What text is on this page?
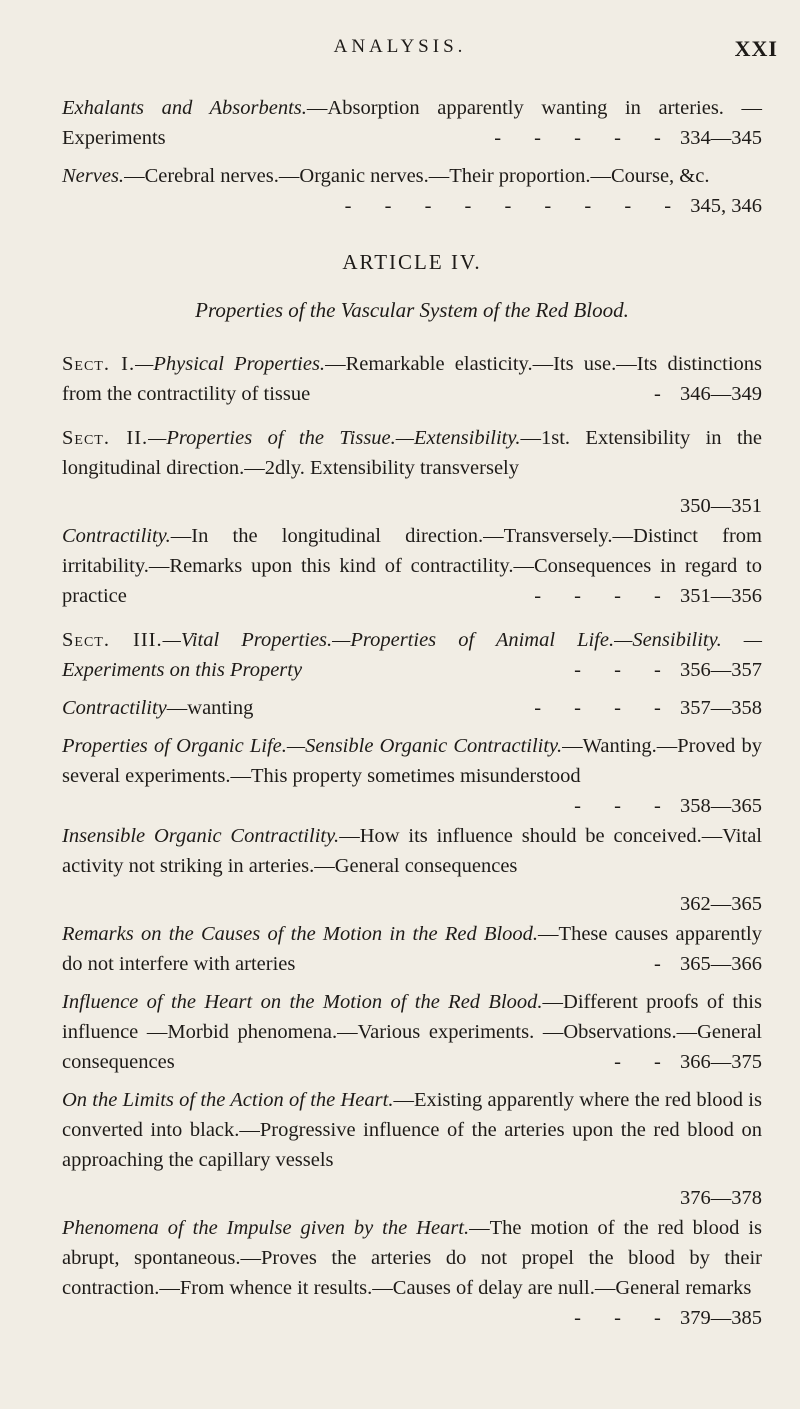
ANALYSIS.	XXI

Exhalants and Absorbents.—Absorption apparently wanting in arteries. —Experiments	- - - - - 334—345

Nerves.—Cerebral nerves.—Organic nerves.—Their proportion.—Course, &c.
- - - - - - - - - 345, 346

ARTICLE IV.
Properties of the Vascular System of the Red Blood.

Sect. I.—Physical Properties.—Remarkable elasticity.—Its use.—Its distinctions from the contractility of tissue	- 346—349

Sect. II.—Properties of the Tissue.—Extensibility.—1st. Extensibility in the longitudinal direction.—2dly. Extensibility transversely

350—351

Contractility.—In the longitudinal direction.—Transversely.—Distinct from irritability.—Remarks upon this kind of contractility.—Consequences in regard to practice	- - - - 351—356

Sect. III.—Vital Properties.—Properties of Animal Life.—Sensibility. —Experiments on this Property	- - - 356—357

Contractility—wanting	- - - - 357—358

Properties of Organic Life.—Sensible Organic Contractility.—Wanting.—Proved by several experiments.—This property sometimes misunderstood
- - - 358—365

Insensible Organic Contractility.—How its influence should be conceived.—Vital activity not striking in arteries.—General consequences

362—365

Remarks on the Causes of the Motion in the Red Blood.—These causes apparently do not interfere with arteries	- 365—366

Influence of the Heart on the Motion of the Red Blood.—Different proofs of this influence —Morbid phenomena.—Various experiments. —Observations.—General consequences	- - 366—375

On the Limits of the Action of the Heart.—Existing apparently where the red blood is converted into black.—Progressive influence of the arteries upon the red blood on approaching the capillary vessels

376—378

Phenomena of the Impulse given by the Heart.—The motion of the red blood is abrupt, spontaneous.—Proves the arteries do not propel the blood by their contraction.—From whence it results.—Causes of delay are null.—General remarks
- - - 379—385
